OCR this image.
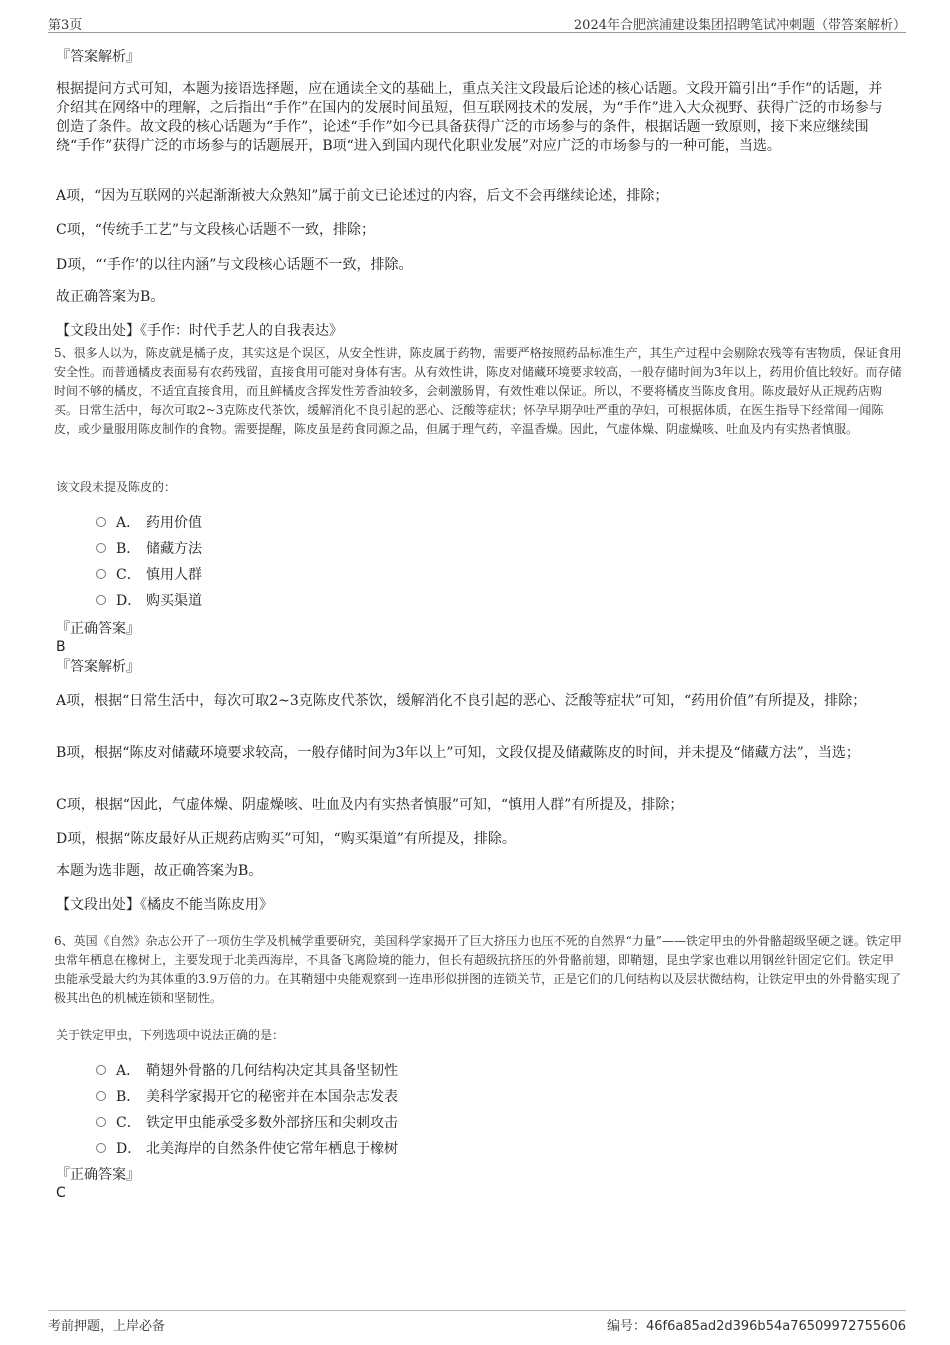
第3页	2024年合肥滨浦建设集团招聘笔试冲刺题（带答案解析）
『答案解析』
根据提问方式可知，本题为接语选择题，应在通读全文的基础上，重点关注文段最后论述的核心话题。文段开篇引出“手作”的话题，并介绍其在网络中的理解，之后指出“手作”在国内的发展时间虽短，但互联网技术的发展，为“手作”进入大众视野、获得广泛的市场参与创造了条件。故文段的核心话题为“手作”，论述“手作”如今已具备获得广泛的市场参与的条件，根据话题一致原则，接下来应继续围绕“手作”获得广泛的市场参与的话题展开，B项“进入到国内现代化职业发展”对应广泛的市场参与的一种可能，当选。
A项，“因为互联网的兴起渐渐被大众熟知”属于前文已论述过的内容，后文不会再继续论述，排除；
C项，“传统手工艺”与文段核心话题不一致，排除；
D项，“‘手作’的以往内涵”与文段核心话题不一致，排除。
故正确答案为B。
【文段出处】《手作：时代手艺人的自我表达》
5、很多人以为，陈皮就是橘子皮，其实这是个误区，从安全性讲，陈皮属于药物，需要严格按照药品标准生产，其生产过程中会剔除农残等有害物质，保证食用安全性。而普通橘皮表面易有农药残留，直接食用可能对身体有害。从有效性讲，陈皮对储藏环境要求较高，一般存储时间为3年以上，药用价值比较好。而存储时间不够的橘皮，不适宜直接食用，而且鲜橘皮含挥发性芳香油较多，会刺激肠胃，有效性难以保证。所以，不要将橘皮当陈皮食用。陈皮最好从正规药店购买。日常生活中，每次可取2~3克陈皮代茶饮，缓解消化不良引起的恶心、泛酸等症状；怀孕早期孕吐严重的孕妇，可根据体质，在医生指导下经常闻一闻陈皮，或少量服用陈皮制作的食物。需要提醒，陈皮虽是药食同源之品，但属于理气药，辛温香燥。因此，气虚体燥、阴虚燥咳、吐血及内有实热者慎服。
该文段未提及陈皮的：
A． 药用价值
B． 储藏方法
C． 慎用人群
D． 购买渠道
『正确答案』
B
『答案解析』
A项，根据“日常生活中，每次可取2~3克陈皮代茶饮，缓解消化不良引起的恶心、泛酸等症状”可知，“药用价值”有所提及，排除；
B项，根据“陈皮对储藏环境要求较高，一般存储时间为3年以上”可知，文段仅提及储藏陈皮的时间，并未提及“储藏方法”，当选；
C项，根据“因此，气虚体燥、阴虚燥咳、吐血及内有实热者慎服”可知，“慎用人群”有所提及，排除；
D项，根据“陈皮最好从正规药店购买”可知，“购买渠道”有所提及，排除。
本题为选非题，故正确答案为B。
【文段出处】《橘皮不能当陈皮用》
6、英国《自然》杂志公开了一项仿生学及机械学重要研究，美国科学家揭开了巨大挤压力也压不死的自然界“力量”——铁定甲虫的外骨骼超级坚硬之谜。铁定甲虫常年栖息在橡树上，主要发现于北美西海岸，不具备飞离险境的能力，但长有超级抗挤压的外骨骼前翅，即鞘翅，昆虫学家也难以用钢丝针固定它们。铁定甲虫能承受最大约为其体重的3.9万倍的力。在其鞘翅中央能观察到一连串形似拼图的连锁关节，正是它们的几何结构以及层状微结构，让铁定甲虫的外骨骼实现了极其出色的机械连锁和坚韧性。
关于铁定甲虫，下列选项中说法正确的是：
A． 鞘翅外骨骼的几何结构决定其具备坚韧性
B． 美科学家揭开它的秘密并在本国杂志发表
C． 铁定甲虫能承受多数外部挤压和尖刺攻击
D． 北美海岸的自然条件使它常年栖息于橡树
『正确答案』
C
考前押题，上岸必备	编号：46f6a85ad2d396b54a76509972755606
